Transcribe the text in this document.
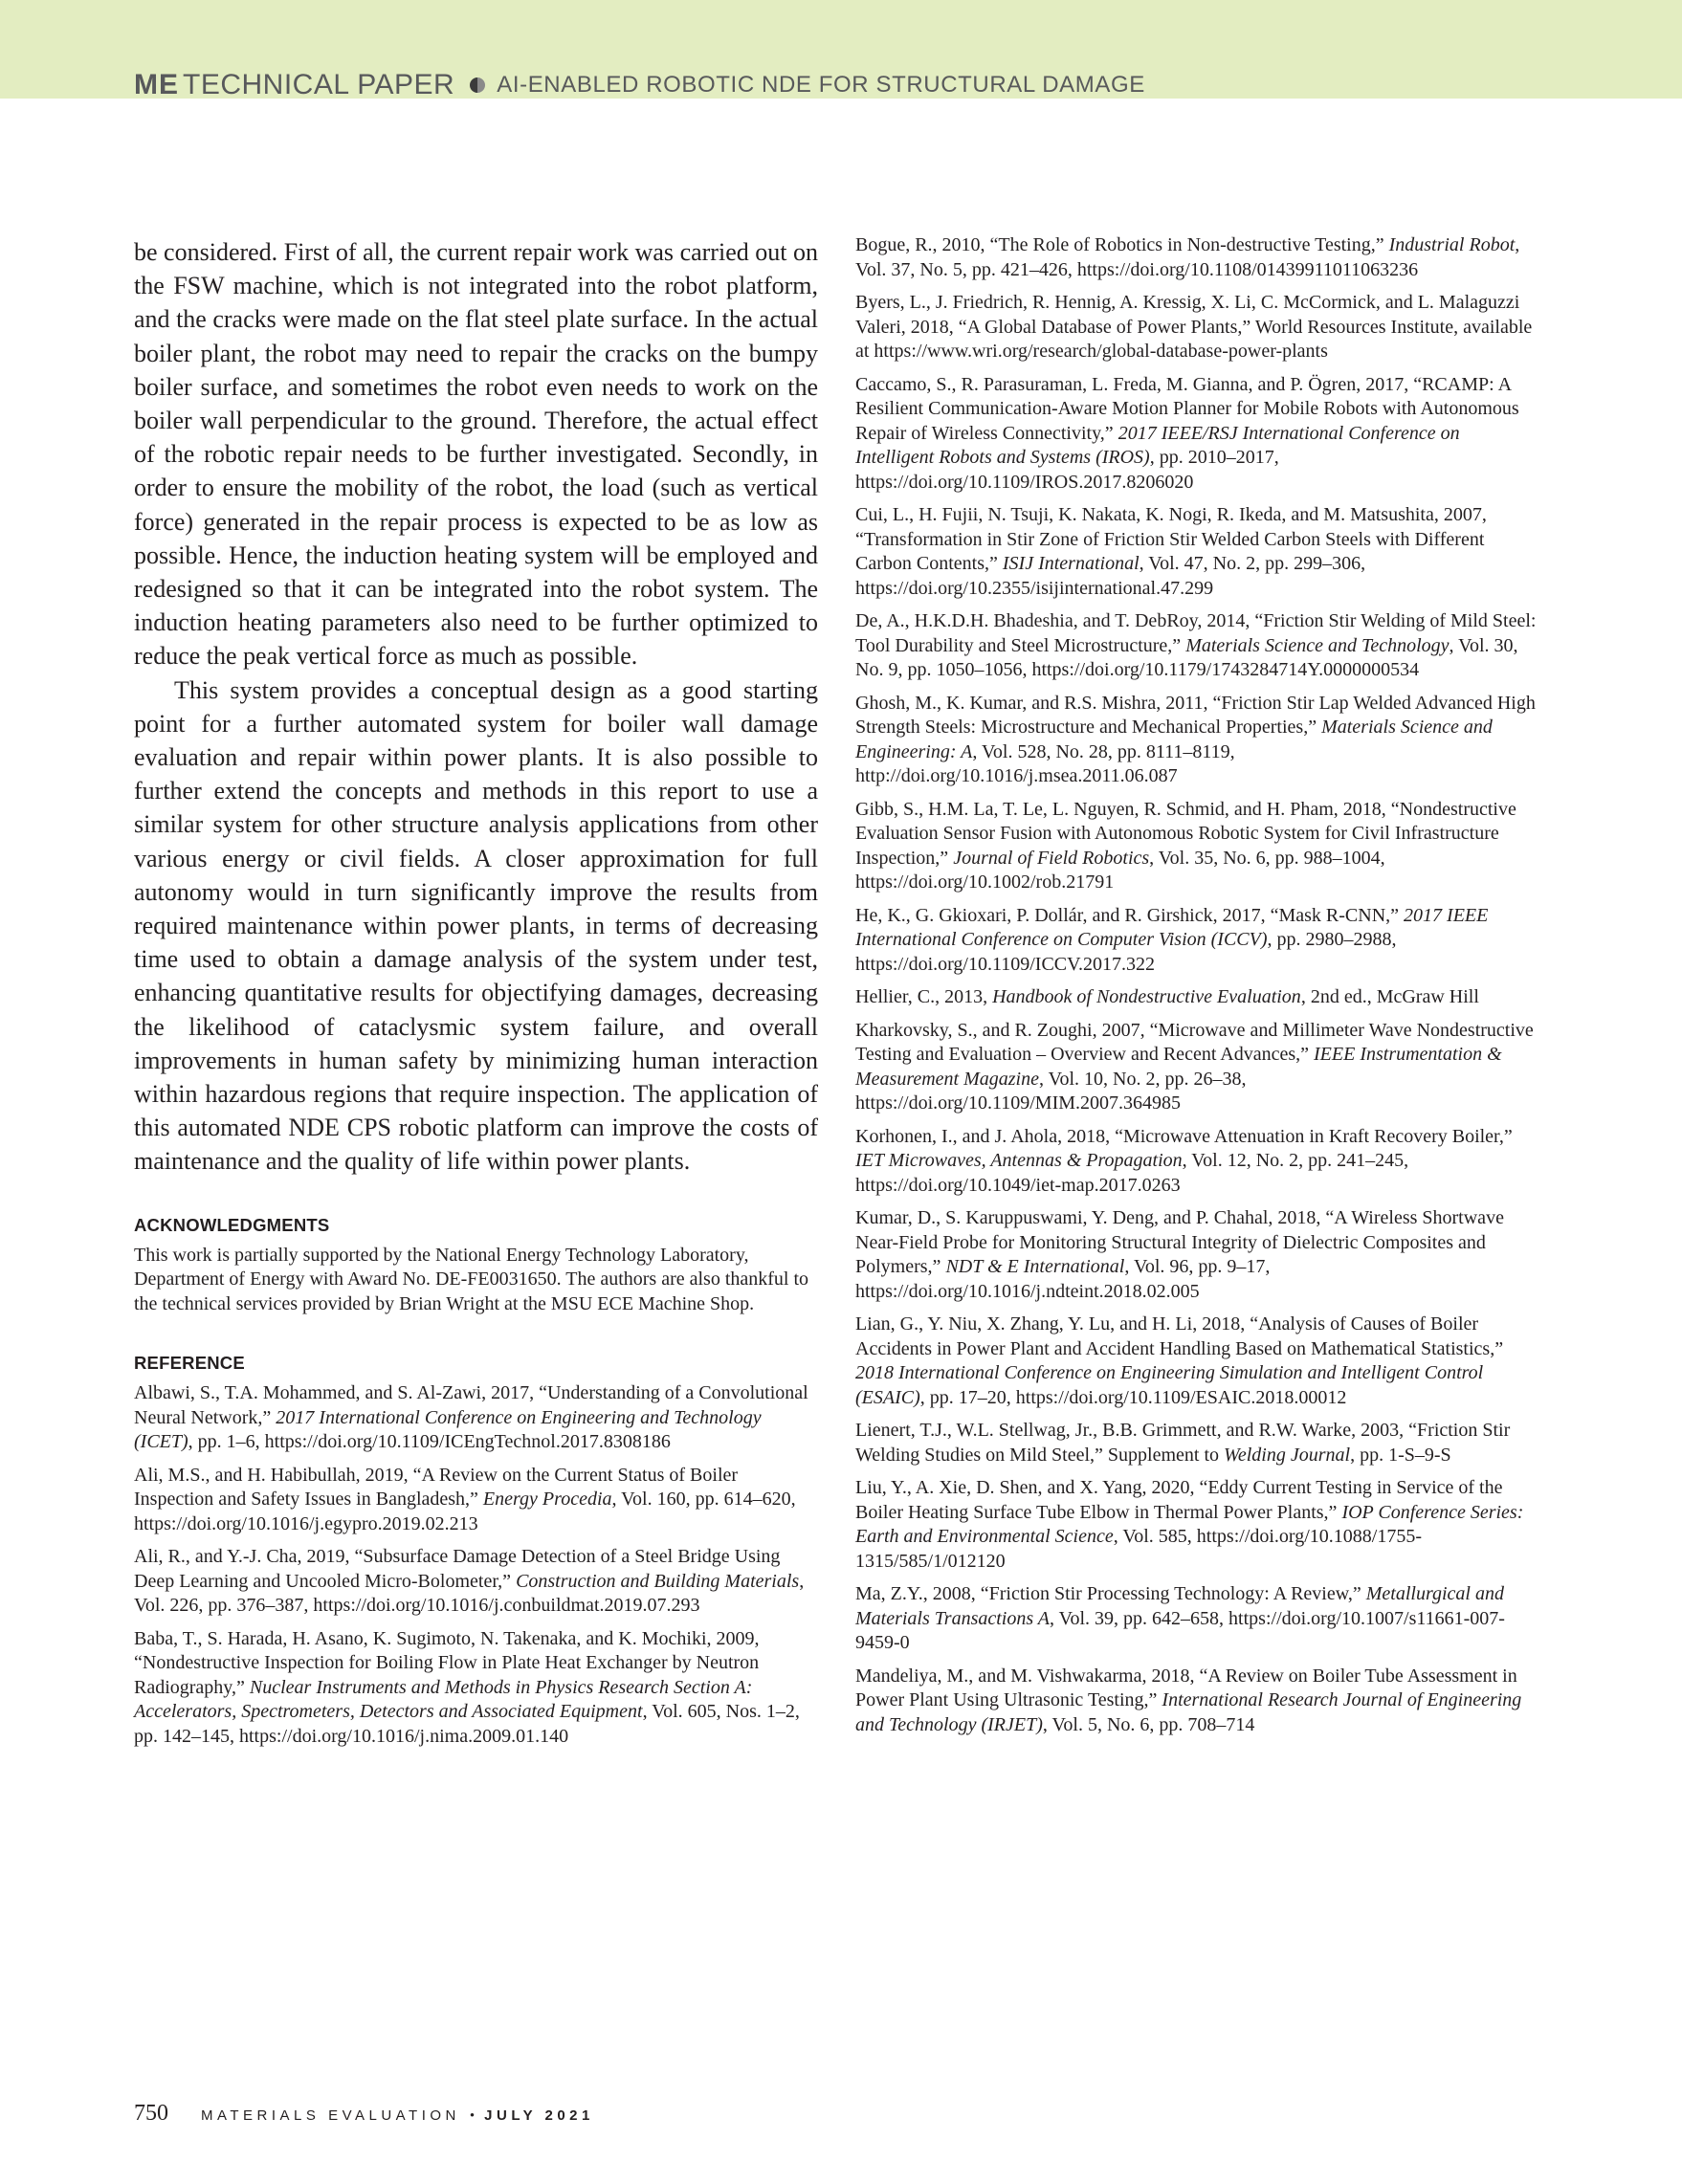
ME TECHNICAL PAPER AI-ENABLED ROBOTIC NDE FOR STRUCTURAL DAMAGE

be considered. First of all, the current repair work was carried out on the FSW machine, which is not integrated into the robot platform, and the cracks were made on the flat steel plate surface. In the actual boiler plant, the robot may need to repair the cracks on the bumpy boiler surface, and sometimes the robot even needs to work on the boiler wall perpendicular to the ground. Therefore, the actual effect of the robotic repair needs to be further investigated. Secondly, in order to ensure the mobility of the robot, the load (such as vertical force) generated in the repair process is expected to be as low as possible. Hence, the induction heating system will be employed and redesigned so that it can be integrated into the robot system. The induction heating parameters also need to be further optimized to reduce the peak vertical force as much as possible.

This system provides a conceptual design as a good starting point for a further automated system for boiler wall damage evaluation and repair within power plants. It is also possible to further extend the concepts and methods in this report to use a similar system for other structure analysis applications from other various energy or civil fields. A closer approximation for full autonomy would in turn significantly improve the results from required maintenance within power plants, in terms of decreasing time used to obtain a damage analysis of the system under test, enhancing quantitative results for objectifying damages, decreasing the likelihood of cataclysmic system failure, and overall improvements in human safety by minimizing human interaction within hazardous regions that require inspection. The application of this automated NDE CPS robotic platform can improve the costs of maintenance and the quality of life within power plants.

ACKNOWLEDGMENTS

This work is partially supported by the National Energy Technology Laboratory, Department of Energy with Award No. DE-FE0031650. The authors are also thankful to the technical services provided by Brian Wright at the MSU ECE Machine Shop.

REFERENCE
Albawi, S., T.A. Mohammed, and S. Al-Zawi, 2017, “Understanding of a Convolutional Neural Network,” 2017 International Conference on Engineering and Technology (ICET), pp. 1–6, https://doi.org/10.1109/ICEngTechnol.2017.8308186
Ali, M.S., and H. Habibullah, 2019, “A Review on the Current Status of Boiler Inspection and Safety Issues in Bangladesh,” Energy Procedia, Vol. 160, pp. 614–620, https://doi.org/10.1016/j.egypro.2019.02.213
Ali, R., and Y.-J. Cha, 2019, “Subsurface Damage Detection of a Steel Bridge Using Deep Learning and Uncooled Micro-Bolometer,” Construction and Building Materials, Vol. 226, pp. 376–387, https://doi.org/10.1016/j.conbuildmat.2019.07.293
Baba, T., S. Harada, H. Asano, K. Sugimoto, N. Takenaka, and K. Mochiki, 2009, “Nondestructive Inspection for Boiling Flow in Plate Heat Exchanger by Neutron Radiography,” Nuclear Instruments and Methods in Physics Research Section A: Accelerators, Spectrometers, Detectors and Associated Equipment, Vol. 605, Nos. 1–2, pp. 142–145, https://doi.org/10.1016/j.nima.2009.01.140
Bogue, R., 2010, “The Role of Robotics in Non-destructive Testing,” Industrial Robot, Vol. 37, No. 5, pp. 421–426, https://doi.org/10.1108/01439911011063236
Byers, L., J. Friedrich, R. Hennig, A. Kressig, X. Li, C. McCormick, and L. Malaguzzi Valeri, 2018, “A Global Database of Power Plants,” World Resources Institute, available at https://www.wri.org/research/global-database-power-plants
Caccamo, S., R. Parasuraman, L. Freda, M. Gianna, and P. Ögren, 2017, “RCAMP: A Resilient Communication-Aware Motion Planner for Mobile Robots with Autonomous Repair of Wireless Connectivity,” 2017 IEEE/RSJ International Conference on Intelligent Robots and Systems (IROS), pp. 2010–2017, https://doi.org/10.1109/IROS.2017.8206020
Cui, L., H. Fujii, N. Tsuji, K. Nakata, K. Nogi, R. Ikeda, and M. Matsushita, 2007, “Transformation in Stir Zone of Friction Stir Welded Carbon Steels with Different Carbon Contents,” ISIJ International, Vol. 47, No. 2, pp. 299–306, https://doi.org/10.2355/isijinternational.47.299
De, A., H.K.D.H. Bhadeshia, and T. DebRoy, 2014, “Friction Stir Welding of Mild Steel: Tool Durability and Steel Microstructure,” Materials Science and Technology, Vol. 30, No. 9, pp. 1050–1056, https://doi.org/10.1179/1743284714Y.0000000534
Ghosh, M., K. Kumar, and R.S. Mishra, 2011, “Friction Stir Lap Welded Advanced High Strength Steels: Microstructure and Mechanical Properties,” Materials Science and Engineering: A, Vol. 528, No. 28, pp. 8111–8119, http://doi.org/10.1016/j.msea.2011.06.087
Gibb, S., H.M. La, T. Le, L. Nguyen, R. Schmid, and H. Pham, 2018, “Nondestructive Evaluation Sensor Fusion with Autonomous Robotic System for Civil Infrastructure Inspection,” Journal of Field Robotics, Vol. 35, No. 6, pp. 988–1004, https://doi.org/10.1002/rob.21791
He, K., G. Gkioxari, P. Dollár, and R. Girshick, 2017, “Mask R-CNN,” 2017 IEEE International Conference on Computer Vision (ICCV), pp. 2980–2988, https://doi.org/10.1109/ICCV.2017.322
Hellier, C., 2013, Handbook of Nondestructive Evaluation, 2nd ed., McGraw Hill
Kharkovsky, S., and R. Zoughi, 2007, “Microwave and Millimeter Wave Nondestructive Testing and Evaluation – Overview and Recent Advances,” IEEE Instrumentation & Measurement Magazine, Vol. 10, No. 2, pp. 26–38, https://doi.org/10.1109/MIM.2007.364985
Korhonen, I., and J. Ahola, 2018, “Microwave Attenuation in Kraft Recovery Boiler,” IET Microwaves, Antennas & Propagation, Vol. 12, No. 2, pp. 241–245, https://doi.org/10.1049/iet-map.2017.0263
Kumar, D., S. Karuppuswami, Y. Deng, and P. Chahal, 2018, “A Wireless Shortwave Near-Field Probe for Monitoring Structural Integrity of Dielectric Composites and Polymers,” NDT & E International, Vol. 96, pp. 9–17, https://doi.org/10.1016/j.ndteint.2018.02.005
Lian, G., Y. Niu, X. Zhang, Y. Lu, and H. Li, 2018, “Analysis of Causes of Boiler Accidents in Power Plant and Accident Handling Based on Mathematical Statistics,” 2018 International Conference on Engineering Simulation and Intelligent Control (ESAIC), pp. 17–20, https://doi.org/10.1109/ESAIC.2018.00012
Lienert, T.J., W.L. Stellwag, Jr., B.B. Grimmett, and R.W. Warke, 2003, “Friction Stir Welding Studies on Mild Steel,” Supplement to Welding Journal, pp. 1-S–9-S
Liu, Y., A. Xie, D. Shen, and X. Yang, 2020, “Eddy Current Testing in Service of the Boiler Heating Surface Tube Elbow in Thermal Power Plants,” IOP Conference Series: Earth and Environmental Science, Vol. 585, https://doi.org/10.1088/1755-1315/585/1/012120
Ma, Z.Y., 2008, “Friction Stir Processing Technology: A Review,” Metallurgical and Materials Transactions A, Vol. 39, pp. 642–658, https://doi.org/10.1007/s11661-007-9459-0
Mandeliya, M., and M. Vishwakarma, 2018, “A Review on Boiler Tube Assessment in Power Plant Using Ultrasonic Testing,” International Research Journal of Engineering and Technology (IRJET), Vol. 5, No. 6, pp. 708–714
750 MATERIALS EVALUATION • JULY 2021
